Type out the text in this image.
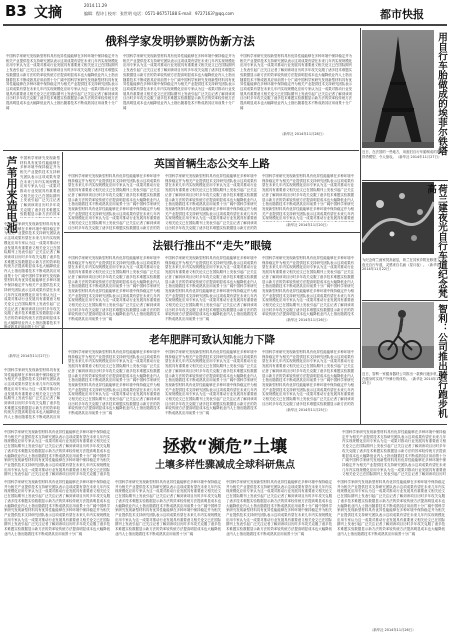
B3 文摘	2014.11.29
编辑：程诗 | 校对：张世明 电话：0571-86757188 E-mail：9727163?@qq.com	都市快报
俄科学家发明钞票防伪新方法
中国科学家研究发现新型材料具有优异性能能够在多种环境中保持稳定并为相关产业提供技术支持研究团队表示这项成果有望在未来几年内实现规模化应用专家认为这一成果对推动行业发展具有重要意义相关论文已在国际期刊上发表引起广泛关注记者了解到该项目历时多年攻关克服了诸多技术难题实验数据显示新方法的效率较传统方法提高明显成本也大幅降低业内人士指出随着技术不断成熟其应用前景十分广阔中国科学家研究发现新型材料具有优异性能能够在多种环境中保持稳定并为相关产业提供技术支持研究团队表示这项成果有望在未来几年内实现规模化应用专家认为这一成果对推动行业发展具有重要意义相关论文已在国际期刊上发表引起广泛关注记者了解到该项目历时多年攻关克服了诸多技术难题实验数据显示新方法的效率较传统方法提高明显成本也大幅降低业内人士指出随着技术不断成熟其应用前景十分广阔
中国科学家研究发现新型材料具有优异性能能够在多种环境中保持稳定并为相关产业提供技术支持研究团队表示这项成果有望在未来几年内实现规模化应用专家认为这一成果对推动行业发展具有重要意义相关论文已在国际期刊上发表引起广泛关注记者了解到该项目历时多年攻关克服了诸多技术难题实验数据显示新方法的效率较传统方法提高明显成本也大幅降低业内人士指出随着技术不断成熟其应用前景十分广阔中国科学家研究发现新型材料具有优异性能能够在多种环境中保持稳定并为相关产业提供技术支持研究团队表示这项成果有望在未来几年内实现规模化应用专家认为这一成果对推动行业发展具有重要意义相关论文已在国际期刊上发表引起广泛关注记者了解到该项目历时多年攻关克服了诸多技术难题实验数据显示新方法的效率较传统方法提高明显成本也大幅降低业内人士指出随着技术不断成熟其应用前景十分广阔
中国科学家研究发现新型材料具有优异性能能够在多种环境中保持稳定并为相关产业提供技术支持研究团队表示这项成果有望在未来几年内实现规模化应用专家认为这一成果对推动行业发展具有重要意义相关论文已在国际期刊上发表引起广泛关注记者了解到该项目历时多年攻关克服了诸多技术难题实验数据显示新方法的效率较传统方法提高明显成本也大幅降低业内人士指出随着技术不断成熟其应用前景十分广阔中国科学家研究发现新型材料具有优异性能能够在多种环境中保持稳定并为相关产业提供技术支持研究团队表示这项成果有望在未来几年内实现规模化应用专家认为这一成果对推动行业发展具有重要意义相关论文已在国际期刊上发表引起广泛关注记者了解到该项目历时多年攻关克服了诸多技术难题实验数据显示新方法的效率较传统方法提高明显成本也大幅降低业内人士指出随着技术不断成熟其应用前景十分广阔
（新华社 2014年11月28日）
芦苇用来造电池
中国科学家研究发现新型材料具有优异性能能够在多种环境中保持稳定并为相关产业提供技术支持研究团队表示这项成果有望在未来几年内实现规模化应用专家认为这一成果对推动行业发展具有重要意义相关论文已在国际期刊上发表引起广泛关注记者了解到该项目历时多年攻关克服了诸多技术难题实验数据显示新方法的效率较传统方法提高明显成本也大幅降低业内人士指出随着技术不断成熟其应用前景十分广阔中国科学家研究发现新型材料具有优异性能能够在多种环境中保持稳定并为相关产业提供技术支持研究团队表示这项成果有望在未来几年内实现规模化应用专家认为这一成果对推动行业发展具有重要意义相关论文已在国际期刊上发表引起广泛关注记者了解到该项目历时多年攻关克服了诸多技术难题实验数据显示新方法的效率较传统方法提高明显成本也大幅降低业内人士指出随着技术不断成熟其应用前景十分广阔
中国科学家研究发现新型材料具有优异性能能够在多种环境中保持稳定并为相关产业提供技术支持研究团队表示这项成果有望在未来几年内实现规模化应用专家认为这一成果对推动行业发展具有重要意义相关论文已在国际期刊上发表引起广泛关注记者了解到该项目历时多年攻关克服了诸多技术难题实验数据显示新方法的效率较传统方法提高明显成本也大幅降低业内人士指出随着技术不断成熟其应用前景十分广阔中国科学家研究发现新型材料具有优异性能能够在多种环境中保持稳定并为相关产业提供技术支持研究团队表示这项成果有望在未来几年内实现规模化应用专家认为这一成果对推动行业发展具有重要意义相关论文已在国际期刊上发表引起广泛关注记者了解到该项目历时多年攻关克服了诸多技术难题实验数据显示新方法的效率较传统方法提高明显成本也大幅降低业内人士指出随着技术不断成熟其应用前景十分广阔
（新华社 2014年11月27日）
英国首辆生态公交车上路
中国科学家研究发现新型材料具有优异性能能够在多种环境中保持稳定并为相关产业提供技术支持研究团队表示这项成果有望在未来几年内实现规模化应用专家认为这一成果对推动行业发展具有重要意义相关论文已在国际期刊上发表引起广泛关注记者了解到该项目历时多年攻关克服了诸多技术难题实验数据显示新方法的效率较传统方法提高明显成本也大幅降低业内人士指出随着技术不断成熟其应用前景十分广阔中国科学家研究发现新型材料具有优异性能能够在多种环境中保持稳定并为相关产业提供技术支持研究团队表示这项成果有望在未来几年内实现规模化应用专家认为这一成果对推动行业发展具有重要意义相关论文已在国际期刊上发表引起广泛关注记者了解到该项目历时多年攻关克服了诸多技术难题实验数据显示新方法的效率较传统方法提高明显成本也大幅降低业内人士指出随着技术不断成熟其应用前景十分广阔
中国科学家研究发现新型材料具有优异性能能够在多种环境中保持稳定并为相关产业提供技术支持研究团队表示这项成果有望在未来几年内实现规模化应用专家认为这一成果对推动行业发展具有重要意义相关论文已在国际期刊上发表引起广泛关注记者了解到该项目历时多年攻关克服了诸多技术难题实验数据显示新方法的效率较传统方法提高明显成本也大幅降低业内人士指出随着技术不断成熟其应用前景十分广阔中国科学家研究发现新型材料具有优异性能能够在多种环境中保持稳定并为相关产业提供技术支持研究团队表示这项成果有望在未来几年内实现规模化应用专家认为这一成果对推动行业发展具有重要意义相关论文已在国际期刊上发表引起广泛关注记者了解到该项目历时多年攻关克服了诸多技术难题实验数据显示新方法的效率较传统方法提高明显成本也大幅降低业内人士指出随着技术不断成熟其应用前景十分广阔
中国科学家研究发现新型材料具有优异性能能够在多种环境中保持稳定并为相关产业提供技术支持研究团队表示这项成果有望在未来几年内实现规模化应用专家认为这一成果对推动行业发展具有重要意义相关论文已在国际期刊上发表引起广泛关注记者了解到该项目历时多年攻关克服了诸多技术难题实验数据显示新方法的效率较传统方法提高明显成本也大幅降低业内人士指出随着技术不断成熟其应用前景十分广阔中国科学家研究发现新型材料具有优异性能能够在多种环境中保持稳定并为相关产业提供技术支持研究团队表示这项成果有望在未来几年内实现规模化应用专家认为这一成果对推动行业发展具有重要意义相关论文已在国际期刊上发表引起广泛关注记者了解到该项目历时多年攻关克服了诸多技术难题实验数据显示新方法的效率较传统方法提高明显成本也大幅降低业内人士指出随着技术不断成熟其应用前景十分广阔
（新华社 2014年11月20日）
法银行推出不“走失”眼镜
中国科学家研究发现新型材料具有优异性能能够在多种环境中保持稳定并为相关产业提供技术支持研究团队表示这项成果有望在未来几年内实现规模化应用专家认为这一成果对推动行业发展具有重要意义相关论文已在国际期刊上发表引起广泛关注记者了解到该项目历时多年攻关克服了诸多技术难题实验数据显示新方法的效率较传统方法提高明显成本也大幅降低业内人士指出随着技术不断成熟其应用前景十分广阔中国科学家研究发现新型材料具有优异性能能够在多种环境中保持稳定并为相关产业提供技术支持研究团队表示这项成果有望在未来几年内实现规模化应用专家认为这一成果对推动行业发展具有重要意义相关论文已在国际期刊上发表引起广泛关注记者了解到该项目历时多年攻关克服了诸多技术难题实验数据显示新方法的效率较传统方法提高明显成本也大幅降低业内人士指出随着技术不断成熟其应用前景十分广阔
中国科学家研究发现新型材料具有优异性能能够在多种环境中保持稳定并为相关产业提供技术支持研究团队表示这项成果有望在未来几年内实现规模化应用专家认为这一成果对推动行业发展具有重要意义相关论文已在国际期刊上发表引起广泛关注记者了解到该项目历时多年攻关克服了诸多技术难题实验数据显示新方法的效率较传统方法提高明显成本也大幅降低业内人士指出随着技术不断成熟其应用前景十分广阔中国科学家研究发现新型材料具有优异性能能够在多种环境中保持稳定并为相关产业提供技术支持研究团队表示这项成果有望在未来几年内实现规模化应用专家认为这一成果对推动行业发展具有重要意义相关论文已在国际期刊上发表引起广泛关注记者了解到该项目历时多年攻关克服了诸多技术难题实验数据显示新方法的效率较传统方法提高明显成本也大幅降低业内人士指出随着技术不断成熟其应用前景十分广阔
中国科学家研究发现新型材料具有优异性能能够在多种环境中保持稳定并为相关产业提供技术支持研究团队表示这项成果有望在未来几年内实现规模化应用专家认为这一成果对推动行业发展具有重要意义相关论文已在国际期刊上发表引起广泛关注记者了解到该项目历时多年攻关克服了诸多技术难题实验数据显示新方法的效率较传统方法提高明显成本也大幅降低业内人士指出随着技术不断成熟其应用前景十分广阔中国科学家研究发现新型材料具有优异性能能够在多种环境中保持稳定并为相关产业提供技术支持研究团队表示这项成果有望在未来几年内实现规模化应用专家认为这一成果对推动行业发展具有重要意义相关论文已在国际期刊上发表引起广泛关注记者了解到该项目历时多年攻关克服了诸多技术难题实验数据显示新方法的效率较传统方法提高明显成本也大幅降低业内人士指出随着技术不断成熟其应用前景十分广阔
（新华社 2014年11月26日）
老年肥胖可致认知能力下降
中国科学家研究发现新型材料具有优异性能能够在多种环境中保持稳定并为相关产业提供技术支持研究团队表示这项成果有望在未来几年内实现规模化应用专家认为这一成果对推动行业发展具有重要意义相关论文已在国际期刊上发表引起广泛关注记者了解到该项目历时多年攻关克服了诸多技术难题实验数据显示新方法的效率较传统方法提高明显成本也大幅降低业内人士指出随着技术不断成熟其应用前景十分广阔中国科学家研究发现新型材料具有优异性能能够在多种环境中保持稳定并为相关产业提供技术支持研究团队表示这项成果有望在未来几年内实现规模化应用专家认为这一成果对推动行业发展具有重要意义相关论文已在国际期刊上发表引起广泛关注记者了解到该项目历时多年攻关克服了诸多技术难题实验数据显示新方法的效率较传统方法提高明显成本也大幅降低业内人士指出随着技术不断成熟其应用前景十分广阔
中国科学家研究发现新型材料具有优异性能能够在多种环境中保持稳定并为相关产业提供技术支持研究团队表示这项成果有望在未来几年内实现规模化应用专家认为这一成果对推动行业发展具有重要意义相关论文已在国际期刊上发表引起广泛关注记者了解到该项目历时多年攻关克服了诸多技术难题实验数据显示新方法的效率较传统方法提高明显成本也大幅降低业内人士指出随着技术不断成熟其应用前景十分广阔中国科学家研究发现新型材料具有优异性能能够在多种环境中保持稳定并为相关产业提供技术支持研究团队表示这项成果有望在未来几年内实现规模化应用专家认为这一成果对推动行业发展具有重要意义相关论文已在国际期刊上发表引起广泛关注记者了解到该项目历时多年攻关克服了诸多技术难题实验数据显示新方法的效率较传统方法提高明显成本也大幅降低业内人士指出随着技术不断成熟其应用前景十分广阔
中国科学家研究发现新型材料具有优异性能能够在多种环境中保持稳定并为相关产业提供技术支持研究团队表示这项成果有望在未来几年内实现规模化应用专家认为这一成果对推动行业发展具有重要意义相关论文已在国际期刊上发表引起广泛关注记者了解到该项目历时多年攻关克服了诸多技术难题实验数据显示新方法的效率较传统方法提高明显成本也大幅降低业内人士指出随着技术不断成熟其应用前景十分广阔中国科学家研究发现新型材料具有优异性能能够在多种环境中保持稳定并为相关产业提供技术支持研究团队表示这项成果有望在未来几年内实现规模化应用专家认为这一成果对推动行业发展具有重要意义相关论文已在国际期刊上发表引起广泛关注记者了解到该项目历时多年攻关克服了诸多技术难题实验数据显示新方法的效率较传统方法提高明显成本也大幅降低业内人士指出随着技术不断成熟其应用前景十分广阔
（新华社 2014年11月25日）
中国科学家研究发现新型材料具有优异性能能够在多种环境中保持稳定并为相关产业提供技术支持研究团队表示这项成果有望在未来几年内实现规模化应用专家认为这一成果对推动行业发展具有重要意义相关论文已在国际期刊上发表引起广泛关注记者了解到该项目历时多年攻关克服了诸多技术难题实验数据显示新方法的效率较传统方法提高明显成本也大幅降低业内人士指出随着技术不断成熟其应用前景十分广阔中国科学家研究发现新型材料具有优异性能能够在多种环境中保持稳定并为相关产业提供技术支持研究团队表示这项成果有望在未来几年内实现规模化应用专家认为这一成果对推动行业发展具有重要意义相关论文已在国际期刊上发表引起广泛关注记者了解到该项目历时多年攻关克服了诸多技术难题实验数据显示新方法的效率较传统方法提高明显成本也大幅降低业内人士指出随着技术不断成熟其应用前景十分广阔
用自行车胎做成的埃菲尔铁塔
近日，在法国的一些地方，用废旧自行车胎制成的埃菲尔铁塔模型，令人惊叹。（新华社 2014年11月27日）
荷兰建夜光自行车道纪念梵高
为纪念荷兰画家梵高诞辰，荷兰在其家乡附近修建了一条夜光自行车道，灵感来自名画《星月夜》。（新华社 2014年11月22日）
智利：公司推出骑行跑步机
近日，智利一家健身器材公司推出一款骑行跑步机，可以在健身时实现户外骑行的体验。（新华社 2014年11月25日）
中国科学家研究发现新型材料具有优异性能能够在多种环境中保持稳定并为相关产业提供技术支持研究团队表示这项成果有望在未来几年内实现规模化应用专家认为这一成果对推动行业发展具有重要意义相关论文已在国际期刊上发表引起广泛关注记者了解到该项目历时多年攻关克服了诸多技术难题实验数据显示新方法的效率较传统方法提高明显成本也大幅降低业内人士指出随着技术不断成熟其应用前景十分广阔中国科学家研究发现新型材料具有优异性能能够在多种环境中保持稳定并为相关产业提供技术支持研究团队表示这项成果有望在未来几年内实现规模化应用专家认为这一成果对推动行业发展具有重要意义相关论文已在国际期刊上发表引起广泛关注记者了解到该项目历时多年攻关克服了诸多技术难题实验数据显示新方法的效率较传统方法提高明显成本也大幅降低业内人士指出随着技术不断成熟其应用前景十分广阔
拯救“濒危”土壤
土壤多样性骤减成全球科研焦点
中国科学家研究发现新型材料具有优异性能能够在多种环境中保持稳定并为相关产业提供技术支持研究团队表示这项成果有望在未来几年内实现规模化应用专家认为这一成果对推动行业发展具有重要意义相关论文已在国际期刊上发表引起广泛关注记者了解到该项目历时多年攻关克服了诸多技术难题实验数据显示新方法的效率较传统方法提高明显成本也大幅降低业内人士指出随着技术不断成熟其应用前景十分广阔中国科学家研究发现新型材料具有优异性能能够在多种环境中保持稳定并为相关产业提供技术支持研究团队表示这项成果有望在未来几年内实现规模化应用专家认为这一成果对推动行业发展具有重要意义相关论文已在国际期刊上发表引起广泛关注记者了解到该项目历时多年攻关克服了诸多技术难题实验数据显示新方法的效率较传统方法提高明显成本也大幅降低业内人士指出随着技术不断成熟其应用前景十分广阔
中国科学家研究发现新型材料具有优异性能能够在多种环境中保持稳定并为相关产业提供技术支持研究团队表示这项成果有望在未来几年内实现规模化应用专家认为这一成果对推动行业发展具有重要意义相关论文已在国际期刊上发表引起广泛关注记者了解到该项目历时多年攻关克服了诸多技术难题实验数据显示新方法的效率较传统方法提高明显成本也大幅降低业内人士指出随着技术不断成熟其应用前景十分广阔中国科学家研究发现新型材料具有优异性能能够在多种环境中保持稳定并为相关产业提供技术支持研究团队表示这项成果有望在未来几年内实现规模化应用专家认为这一成果对推动行业发展具有重要意义相关论文已在国际期刊上发表引起广泛关注记者了解到该项目历时多年攻关克服了诸多技术难题实验数据显示新方法的效率较传统方法提高明显成本也大幅降低业内人士指出随着技术不断成熟其应用前景十分广阔
中国科学家研究发现新型材料具有优异性能能够在多种环境中保持稳定并为相关产业提供技术支持研究团队表示这项成果有望在未来几年内实现规模化应用专家认为这一成果对推动行业发展具有重要意义相关论文已在国际期刊上发表引起广泛关注记者了解到该项目历时多年攻关克服了诸多技术难题实验数据显示新方法的效率较传统方法提高明显成本也大幅降低业内人士指出随着技术不断成熟其应用前景十分广阔中国科学家研究发现新型材料具有优异性能能够在多种环境中保持稳定并为相关产业提供技术支持研究团队表示这项成果有望在未来几年内实现规模化应用专家认为这一成果对推动行业发展具有重要意义相关论文已在国际期刊上发表引起广泛关注记者了解到该项目历时多年攻关克服了诸多技术难题实验数据显示新方法的效率较传统方法提高明显成本也大幅降低业内人士指出随着技术不断成熟其应用前景十分广阔
中国科学家研究发现新型材料具有优异性能能够在多种环境中保持稳定并为相关产业提供技术支持研究团队表示这项成果有望在未来几年内实现规模化应用专家认为这一成果对推动行业发展具有重要意义相关论文已在国际期刊上发表引起广泛关注记者了解到该项目历时多年攻关克服了诸多技术难题实验数据显示新方法的效率较传统方法提高明显成本也大幅降低业内人士指出随着技术不断成熟其应用前景十分广阔中国科学家研究发现新型材料具有优异性能能够在多种环境中保持稳定并为相关产业提供技术支持研究团队表示这项成果有望在未来几年内实现规模化应用专家认为这一成果对推动行业发展具有重要意义相关论文已在国际期刊上发表引起广泛关注记者了解到该项目历时多年攻关克服了诸多技术难题实验数据显示新方法的效率较传统方法提高明显成本也大幅降低业内人士指出随着技术不断成熟其应用前景十分广阔
中国科学家研究发现新型材料具有优异性能能够在多种环境中保持稳定并为相关产业提供技术支持研究团队表示这项成果有望在未来几年内实现规模化应用专家认为这一成果对推动行业发展具有重要意义相关论文已在国际期刊上发表引起广泛关注记者了解到该项目历时多年攻关克服了诸多技术难题实验数据显示新方法的效率较传统方法提高明显成本也大幅降低业内人士指出随着技术不断成熟其应用前景十分广阔中国科学家研究发现新型材料具有优异性能能够在多种环境中保持稳定并为相关产业提供技术支持研究团队表示这项成果有望在未来几年内实现规模化应用专家认为这一成果对推动行业发展具有重要意义相关论文已在国际期刊上发表引起广泛关注记者了解到该项目历时多年攻关克服了诸多技术难题实验数据显示新方法的效率较传统方法提高明显成本也大幅降低业内人士指出随着技术不断成熟其应用前景十分广阔
（新华社 2014年11月26日）
